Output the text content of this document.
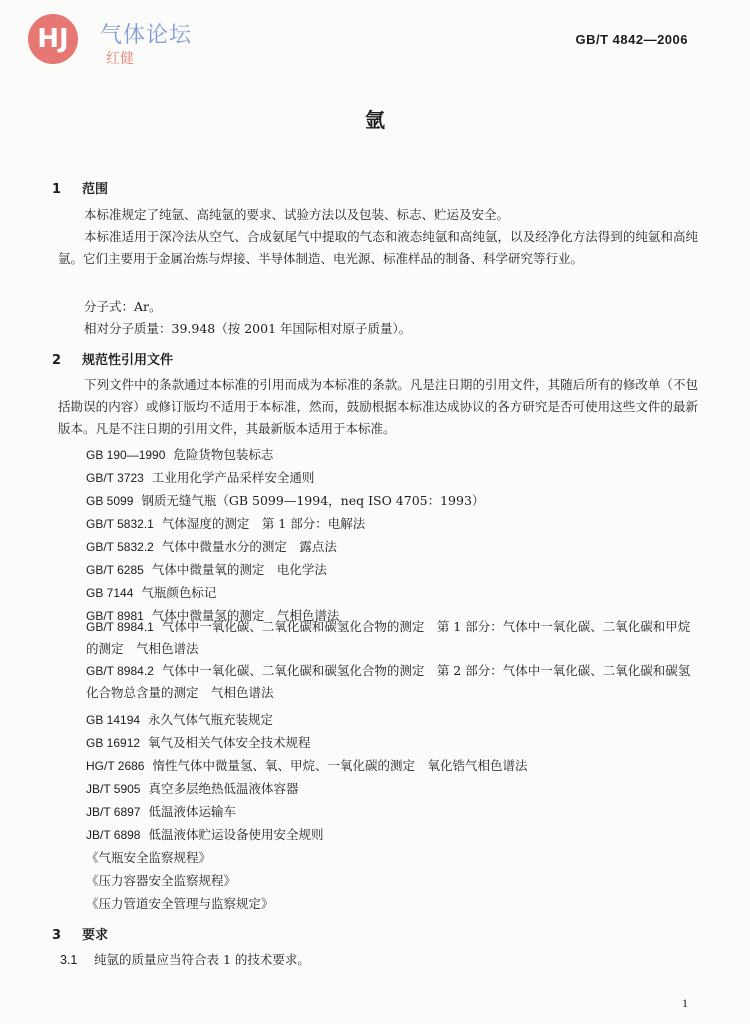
HJ	气体论坛
红健
GB/T 4842—2006
氩
1 范围
本标准规定了纯氩、高纯氩的要求、试验方法以及包装、标志、贮运及安全。
本标准适用于深冷法从空气、合成氨尾气中提取的气态和液态纯氩和高纯氩，以及经净化方法得到的纯氩和高纯氩。它们主要用于金属冶炼与焊接、半导体制造、电光源、标准样品的制备、科学研究等行业。
分子式：Ar。
相对分子质量：39.948（按 2001 年国际相对原子质量）。
2 规范性引用文件
下列文件中的条款通过本标准的引用而成为本标准的条款。凡是注日期的引用文件，其随后所有的修改单（不包括勘误的内容）或修订版均不适用于本标准，然而，鼓励根据本标准达成协议的各方研究是否可使用这些文件的最新版本。凡是不注日期的引用文件，其最新版本适用于本标准。
GB 190—1990 危险货物包装标志
GB/T 3723 工业用化学产品采样安全通则
GB 5099 钢质无缝气瓶（GB 5099—1994，neq ISO 4705：1993）
GB/T 5832.1 气体湿度的测定　第 1 部分：电解法
GB/T 5832.2 气体中微量水分的测定　露点法
GB/T 6285 气体中微量氧的测定　电化学法
GB 7144 气瓶颜色标记
GB/T 8981 气体中微量氢的测定　气相色谱法
GB/T 8984.1 气体中一氧化碳、二氧化碳和碳氢化合物的测定　第 1 部分：气体中一氧化碳、二氧化碳和甲烷的测定　气相色谱法
GB/T 8984.2 气体中一氧化碳、二氧化碳和碳氢化合物的测定　第 2 部分：气体中一氧化碳、二氧化碳和碳氢化合物总含量的测定　气相色谱法
GB 14194 永久气体气瓶充装规定
GB 16912 氧气及相关气体安全技术规程
HG/T 2686 惰性气体中微量氢、氧、甲烷、一氧化碳的测定　氧化锆气相色谱法
JB/T 5905 真空多层绝热低温液体容器
JB/T 6897 低温液体运输车
JB/T 6898 低温液体贮运设备使用安全规则
《气瓶安全监察规程》
《压力容器安全监察规程》
《压力管道安全管理与监察规定》
3 要求
3.1 纯氩的质量应当符合表 1 的技术要求。
1
